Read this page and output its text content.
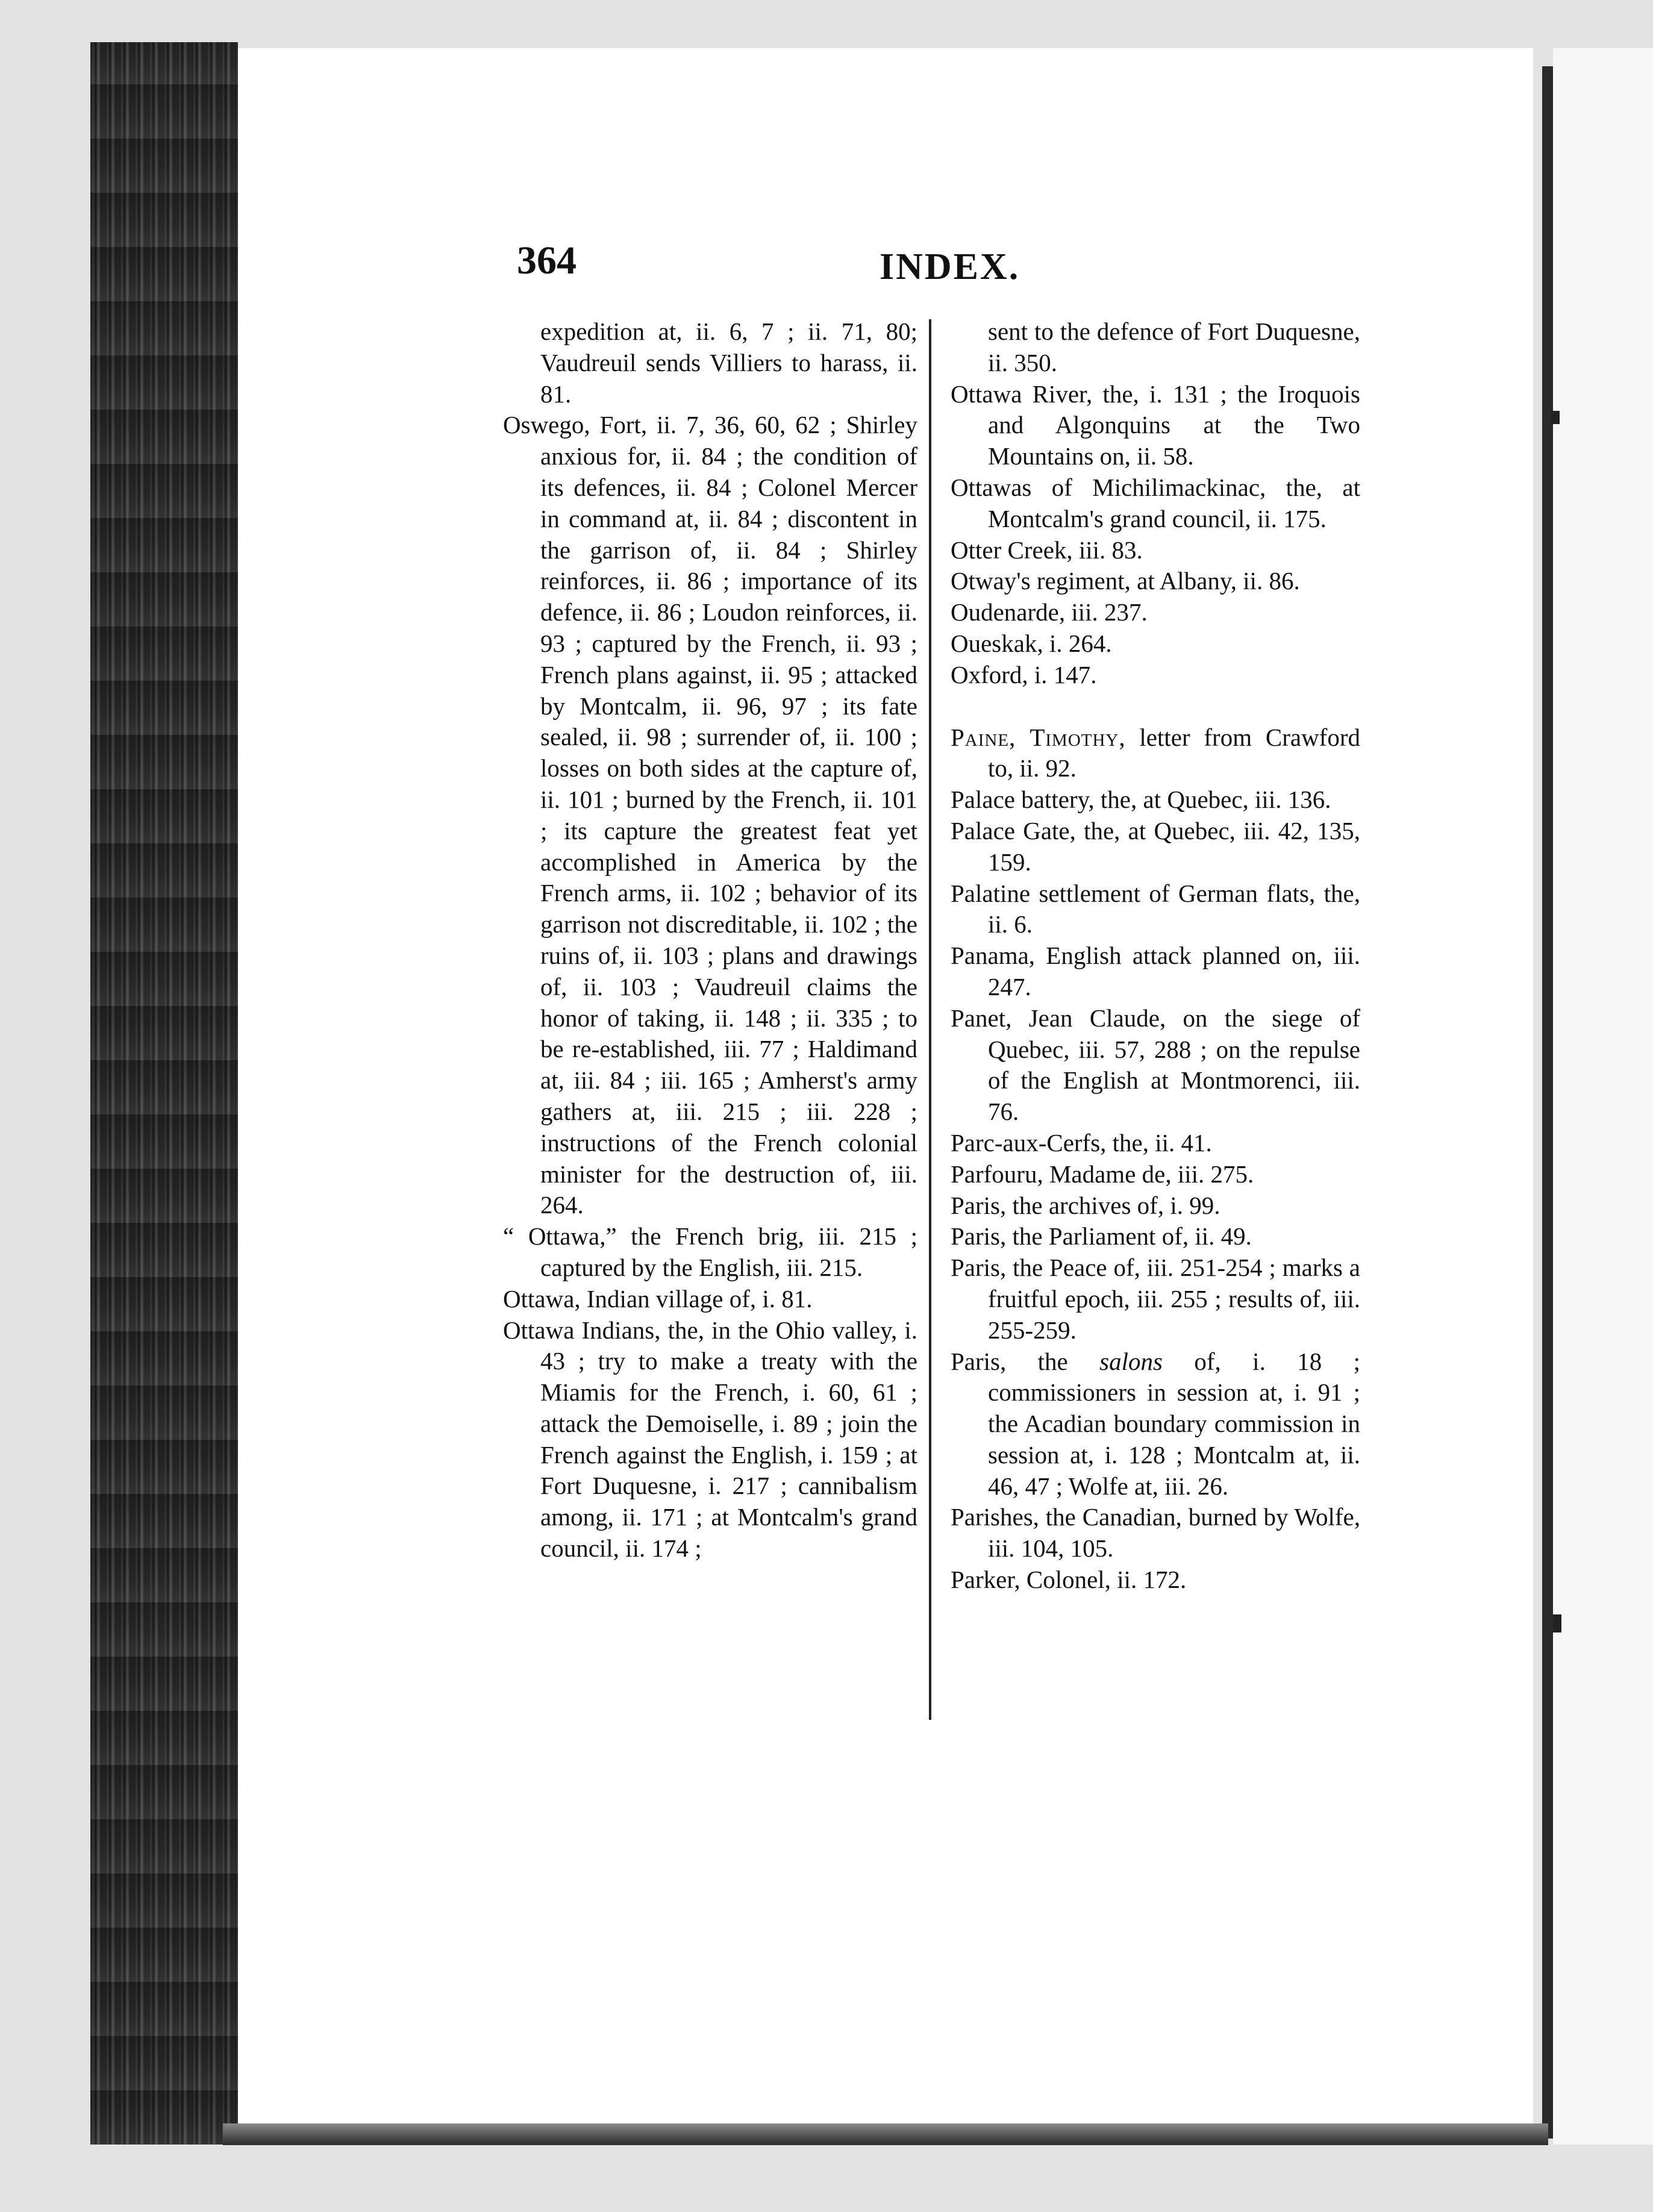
364	INDEX.

expedition at, ii. 6, 7 ; ii. 71, 80; Vaudreuil sends Villiers to harass, ii. 81.

Oswego, Fort, ii. 7, 36, 60, 62 ; Shirley anxious for, ii. 84 ; the condition of its defences, ii. 84 ; Colonel Mercer in command at, ii. 84 ; discontent in the garrison of, ii. 84 ; Shirley reinforces, ii. 86 ; importance of its defence, ii. 86 ; Loudon reinforces, ii. 93 ; captured by the French, ii. 93 ; French plans against, ii. 95 ; attacked by Montcalm, ii. 96, 97 ; its fate sealed, ii. 98 ; surrender of, ii. 100 ; losses on both sides at the capture of, ii. 101 ; burned by the French, ii. 101 ; its capture the greatest feat yet accomplished in America by the French arms, ii. 102 ; behavior of its garrison not discreditable, ii. 102 ; the ruins of, ii. 103 ; plans and drawings of, ii. 103 ; Vaudreuil claims the honor of taking, ii. 148 ; ii. 335 ; to be re-established, iii. 77 ; Haldimand at, iii. 84 ; iii. 165 ; Amherst's army gathers at, iii. 215 ; iii. 228 ; instructions of the French colonial minister for the destruction of, iii. 264.

“ Ottawa,” the French brig, iii. 215 ; captured by the English, iii. 215.

Ottawa, Indian village of, i. 81.

Ottawa Indians, the, in the Ohio valley, i. 43 ; try to make a treaty with the Miamis for the French, i. 60, 61 ; attack the Demoiselle, i. 89 ; join the French against the English, i. 159 ; at Fort Duquesne, i. 217 ; cannibalism among, ii. 171 ; at Montcalm's grand council, ii. 174 ;

sent to the defence of Fort Duquesne, ii. 350.

Ottawa River, the, i. 131 ; the Iroquois and Algonquins at the Two Mountains on, ii. 58.

Ottawas of Michilimackinac, the, at Montcalm's grand council, ii. 175.

Otter Creek, iii. 83.

Otway's regiment, at Albany, ii. 86.

Oudenarde, iii. 237.

Oueskak, i. 264.

Oxford, i. 147.

Paine, Timothy, letter from Crawford to, ii. 92.

Palace battery, the, at Quebec, iii. 136.

Palace Gate, the, at Quebec, iii. 42, 135, 159.

Palatine settlement of German flats, the, ii. 6.

Panama, English attack planned on, iii. 247.

Panet, Jean Claude, on the siege of Quebec, iii. 57, 288 ; on the repulse of the English at Montmorenci, iii. 76.

Parc-aux-Cerfs, the, ii. 41.

Parfouru, Madame de, iii. 275.

Paris, the archives of, i. 99.

Paris, the Parliament of, ii. 49.

Paris, the Peace of, iii. 251-254 ; marks a fruitful epoch, iii. 255 ; results of, iii. 255-259.

Paris, the salons of, i. 18 ; commissioners in session at, i. 91 ; the Acadian boundary commission in session at, i. 128 ; Montcalm at, ii. 46, 47 ; Wolfe at, iii. 26.

Parishes, the Canadian, burned by Wolfe, iii. 104, 105.

Parker, Colonel, ii. 172.
